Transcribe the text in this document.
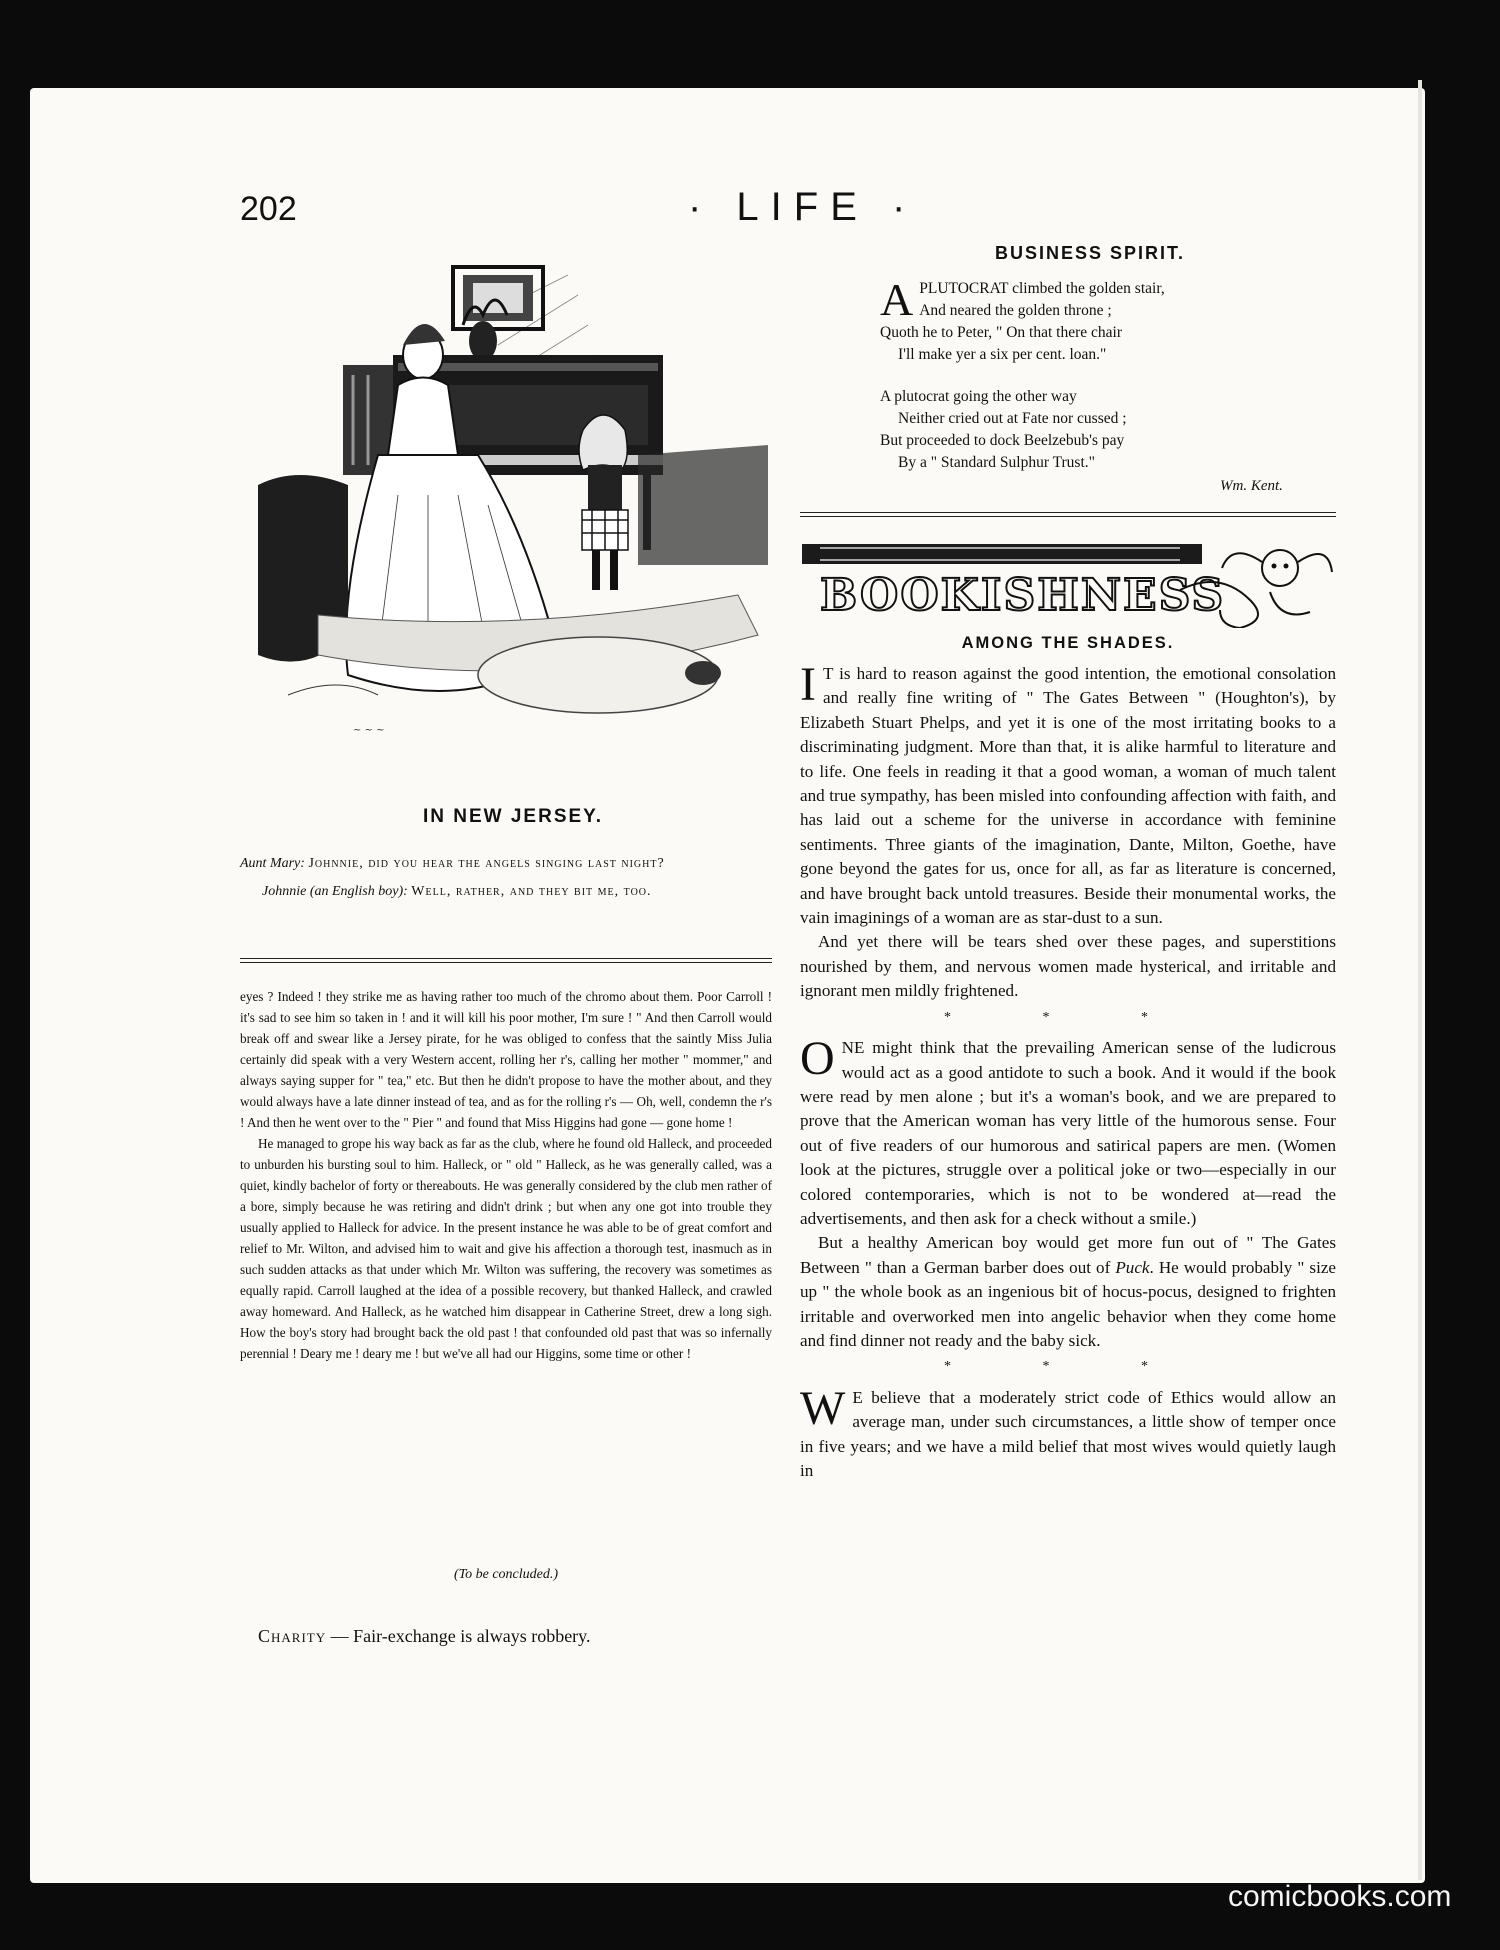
202	· LIFE ·
~ ~ ~
IN NEW JERSEY.
Aunt Mary: Johnnie, did you hear the angels singing last night?
Johnnie (an English boy): Well, rather, and they bit me, too.

eyes ? Indeed ! they strike me as having rather too much of the chromo about them. Poor Carroll ! it's sad to see him so taken in ! and it will kill his poor mother, I'm sure ! " And then Carroll would break off and swear like a Jersey pirate, for he was obliged to confess that the saintly Miss Julia certainly did speak with a very Western accent, rolling her r's, calling her mother " mommer," and always saying supper for " tea," etc. But then he didn't propose to have the mother about, and they would always have a late dinner instead of tea, and as for the rolling r's — Oh, well, condemn the r's ! And then he went over to the " Pier " and found that Miss Higgins had gone — gone home !

He managed to grope his way back as far as the club, where he found old Halleck, and proceeded to unburden his bursting soul to him. Halleck, or " old " Halleck, as he was generally called, was a quiet, kindly bachelor of forty or thereabouts. He was generally considered by the club men rather of a bore, simply because he was retiring and didn't drink ; but when any one got into trouble they usually applied to Halleck for advice. In the present instance he was able to be of great comfort and relief to Mr. Wilton, and advised him to wait and give his affection a thorough test, inasmuch as in such sudden attacks as that under which Mr. Wilton was suffering, the recovery was sometimes as equally rapid. Carroll laughed at the idea of a possible recovery, but thanked Halleck, and crawled away homeward. And Halleck, as he watched him disappear in Catherine Street, drew a long sigh. How the boy's story had brought back the old past ! that confounded old past that was so infernally perennial ! Deary me ! deary me ! but we've all had our Higgins, some time or other !

(To be concluded.)
Charity — Fair-exchange is always robbery.
BUSINESS SPIRIT.
A PLUTOCRAT climbed the golden stair,
And neared the golden throne ;
Quoth he to Peter, " On that there chair
I'll make yer a six per cent. loan."
A plutocrat going the other way
Neither cried out at Fate nor cussed ;
But proceeded to dock Beelzebub's pay
By a " Standard Sulphur Trust."
Wm. Kent.
BOOKISHNESS
AMONG THE SHADES.

I T is hard to reason against the good intention, the emotional consolation and really fine writing of " The Gates Between " (Houghton's), by Elizabeth Stuart Phelps, and yet it is one of the most irritating books to a discriminating judgment. More than that, it is alike harmful to literature and to life. One feels in reading it that a good woman, a woman of much talent and true sympathy, has been misled into confounding affection with faith, and has laid out a scheme for the universe in accordance with feminine sentiments. Three giants of the imagination, Dante, Milton, Goethe, have gone beyond the gates for us, once for all, as far as literature is concerned, and have brought back untold treasures. Beside their monumental works, the vain imaginings of a woman are as star-dust to a sun.

And yet there will be tears shed over these pages, and superstitions nourished by them, and nervous women made hysterical, and irritable and ignorant men mildly frightened.

* * *

ONE might think that the prevailing American sense of the ludicrous would act as a good antidote to such a book. And it would if the book were read by men alone ; but it's a woman's book, and we are prepared to prove that the American woman has very little of the humorous sense. Four out of five readers of our humorous and satirical papers are men. (Women look at the pictures, struggle over a political joke or two—especially in our colored contemporaries, which is not to be wondered at—read the advertisements, and then ask for a check without a smile.)

But a healthy American boy would get more fun out of " The Gates Between " than a German barber does out of Puck. He would probably " size up " the whole book as an ingenious bit of hocus-pocus, designed to frighten irritable and overworked men into angelic behavior when they come home and find dinner not ready and the baby sick.

* * *

W E believe that a moderately strict code of Ethics would allow an average man, under such circumstances, a little show of temper once in five years; and we have a mild belief that most wives would quietly laugh in

comicbooks.com
